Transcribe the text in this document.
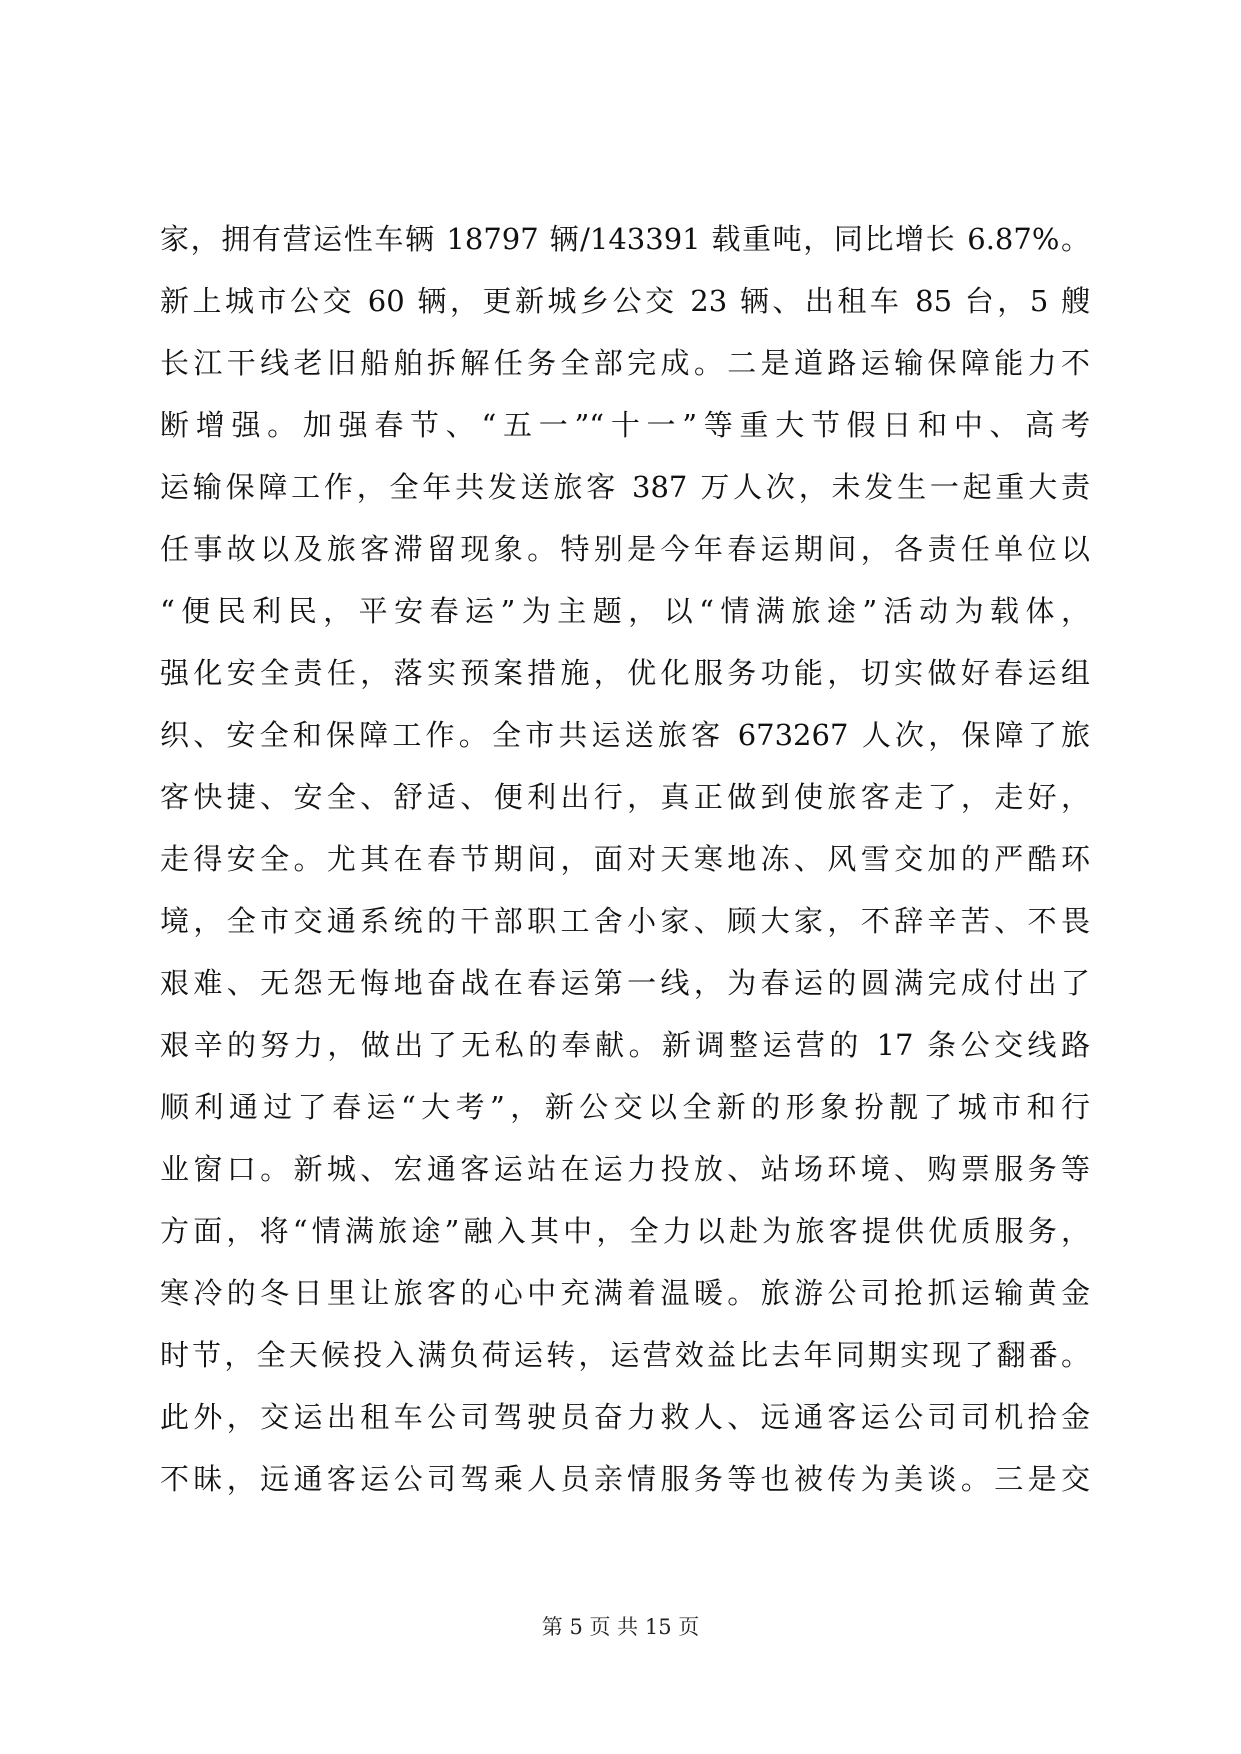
家，拥有营运性车辆 18797 辆/143391 载重吨，同比增长 6.87%。
新上城市公交 60 辆，更新城乡公交 23 辆、出租车 85 台，5 艘
长江干线老旧船舶拆解任务全部完成。二是道路运输保障能力不
断增强。加强春节、“五一”“十一”等重大节假日和中、高考
运输保障工作，全年共发送旅客 387 万人次，未发生一起重大责
任事故以及旅客滞留现象。特别是今年春运期间，各责任单位以
“便民利民，平安春运”为主题，以“情满旅途”活动为载体，
强化安全责任，落实预案措施，优化服务功能，切实做好春运组
织、安全和保障工作。全市共运送旅客 673267 人次，保障了旅
客快捷、安全、舒适、便利出行，真正做到使旅客走了，走好，
走得安全。尤其在春节期间，面对天寒地冻、风雪交加的严酷环
境，全市交通系统的干部职工舍小家、顾大家，不辞辛苦、不畏
艰难、无怨无悔地奋战在春运第一线，为春运的圆满完成付出了
艰辛的努力，做出了无私的奉献。新调整运营的 17 条公交线路
顺利通过了春运“大考”，新公交以全新的形象扮靓了城市和行
业窗口。新城、宏通客运站在运力投放、站场环境、购票服务等
方面，将“情满旅途”融入其中，全力以赴为旅客提供优质服务，
寒冷的冬日里让旅客的心中充满着温暖。旅游公司抢抓运输黄金
时节，全天候投入满负荷运转，运营效益比去年同期实现了翻番。
此外，交运出租车公司驾驶员奋力救人、远通客运公司司机拾金
不昧，远通客运公司驾乘人员亲情服务等也被传为美谈。三是交
第 5 页 共 15 页
